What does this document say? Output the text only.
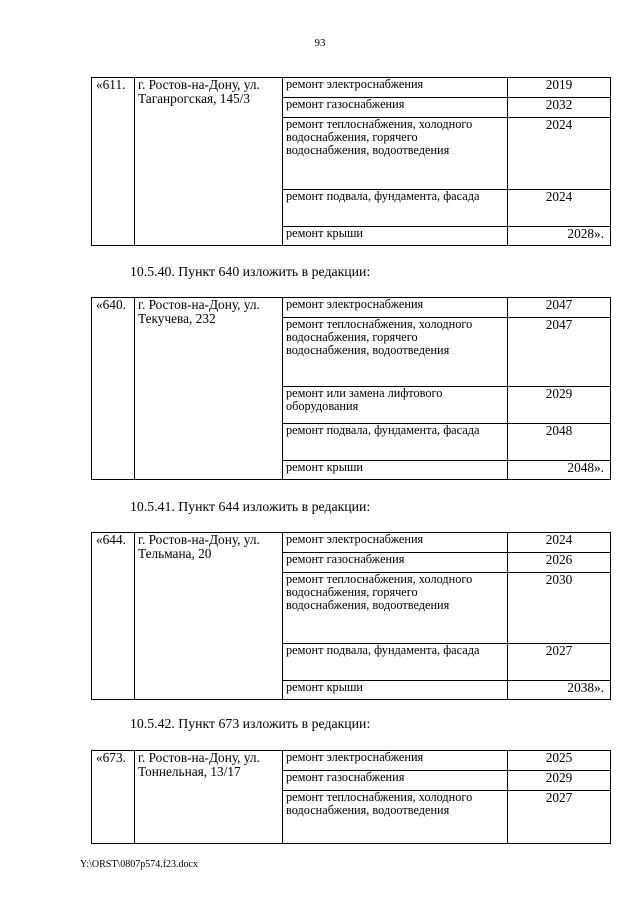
93
«611.	г. Ростов-на-Дону, ул. Таганрогская, 145/3	ремонт электроснабжения	2019
		ремонт газоснабжения	2032
		ремонт теплоснабжения, холодного водоснабжения, горячего водоснабжения, водоотведения	2024
		ремонт подвала, фундамента, фасада	2024
		ремонт крыши	2028».
10.5.40. Пункт 640 изложить в редакции:
«640.	г. Ростов-на-Дону, ул. Текучева, 232	ремонт электроснабжения	2047
		ремонт теплоснабжения, холодного водоснабжения, горячего водоснабжения, водоотведения	2047
		ремонт или замена лифтового оборудования	2029
		ремонт подвала, фундамента, фасада	2048
		ремонт крыши	2048».
10.5.41. Пункт 644 изложить в редакции:
«644.	г. Ростов-на-Дону, ул. Тельмана, 20	ремонт электроснабжения	2024
		ремонт газоснабжения	2026
		ремонт теплоснабжения, холодного водоснабжения, горячего водоснабжения, водоотведения	2030
		ремонт подвала, фундамента, фасада	2027
		ремонт крыши	2038».
10.5.42. Пункт 673 изложить в редакции:
«673.	г. Ростов-на-Дону, ул. Тоннельная, 13/17	ремонт электроснабжения	2025
		ремонт газоснабжения	2029
		ремонт теплоснабжения, холодного водоснабжения, водоотведения	2027
Y:\ORST\0807p574.f23.docx
